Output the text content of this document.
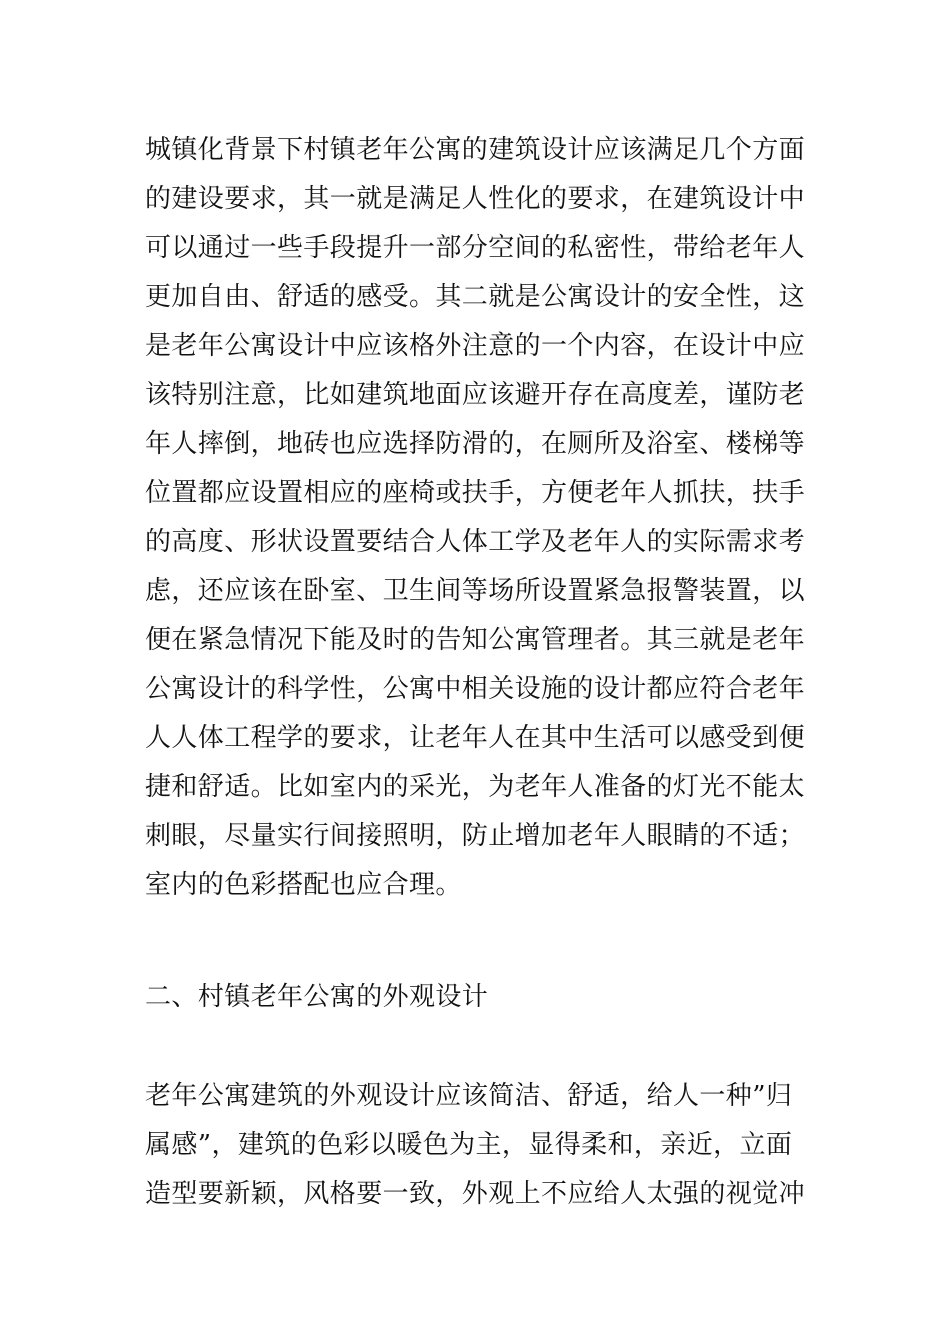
城镇化背景下村镇老年公寓的建筑设计应该满足几个方面
的建设要求，其一就是满足人性化的要求，在建筑设计中
可以通过一些手段提升一部分空间的私密性，带给老年人
更加自由、舒适的感受。其二就是公寓设计的安全性，这
是老年公寓设计中应该格外注意的一个内容，在设计中应
该特别注意，比如建筑地面应该避开存在高度差，谨防老
年人摔倒，地砖也应选择防滑的，在厕所及浴室、楼梯等
位置都应设置相应的座椅或扶手，方便老年人抓扶，扶手
的高度、形状设置要结合人体工学及老年人的实际需求考
虑，还应该在卧室、卫生间等场所设置紧急报警装置，以
便在紧急情况下能及时的告知公寓管理者。其三就是老年
公寓设计的科学性，公寓中相关设施的设计都应符合老年
人人体工程学的要求，让老年人在其中生活可以感受到便
捷和舒适。比如室内的采光，为老年人准备的灯光不能太
刺眼，尽量实行间接照明，防止增加老年人眼睛的不适；
室内的色彩搭配也应合理。
二、村镇老年公寓的外观设计
老年公寓建筑的外观设计应该简洁、舒适，给人一种”归
属感”，建筑的色彩以暖色为主，显得柔和，亲近，立面
造型要新颖，风格要一致，外观上不应给人太强的视觉冲
